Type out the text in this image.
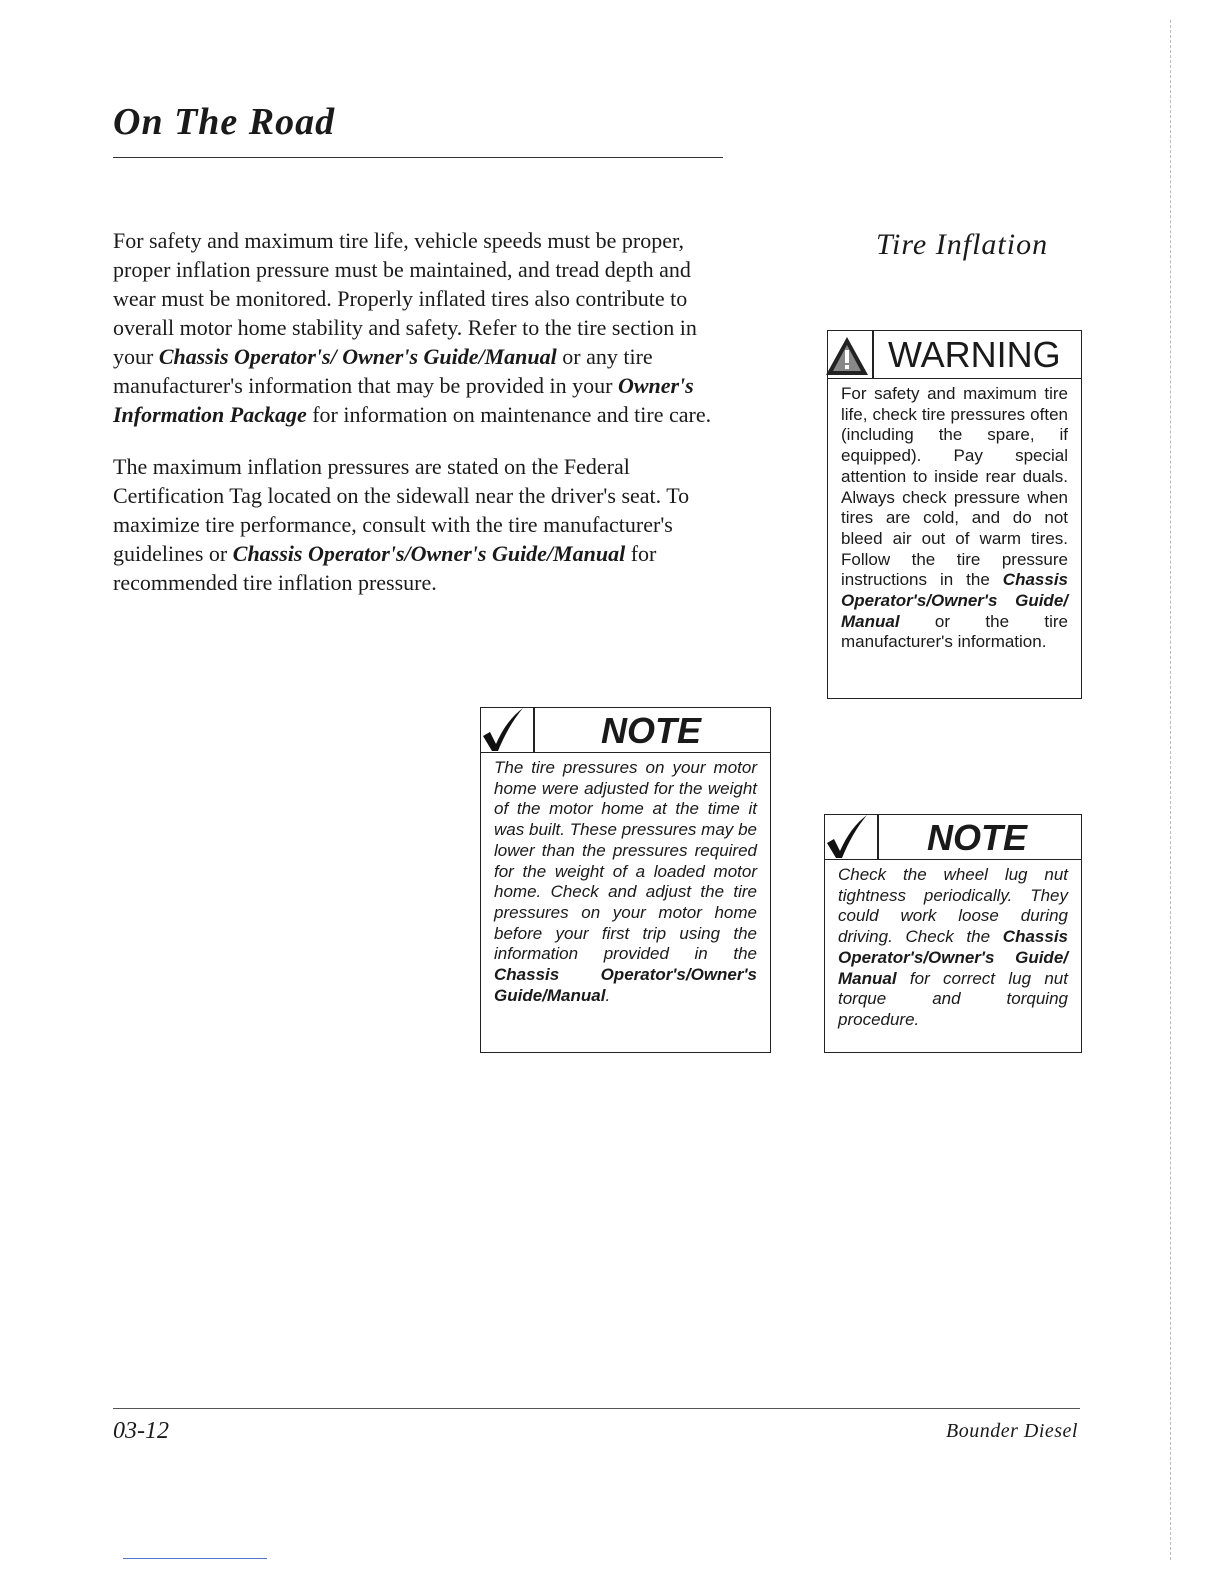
On The Road

For safety and maximum tire life, vehicle speeds must be proper, proper inflation pressure must be maintained, and tread depth and wear must be monitored. Properly inflated tires also contribute to overall motor home stability and safety. Refer to the tire section in your Chassis Operator's/ Owner's Guide/Manual or any tire manufacturer's information that may be provided in your Owner's Information Package for information on maintenance and tire care.

The maximum inflation pressures are stated on the Federal Certification Tag located on the sidewall near the driver's seat. To maximize tire performance, consult with the tire manufacturer's guidelines or Chassis Operator's/Owner's Guide/Manual for recommended tire inflation pressure.

Tire Inflation
WARNING
For safety and maximum tire life, check tire pressures often (including the spare, if equipped). Pay special attention to inside rear duals. Always check pressure when tires are cold, and do not bleed air out of warm tires. Follow the tire pressure instructions in the Chassis Operator's/Owner's Guide/ Manual or the tire manufacturer's information.
NOTE
The tire pressures on your motor home were adjusted for the weight of the motor home at the time it was built. These pressures may be lower than the pressures required for the weight of a loaded motor home. Check and adjust the tire pressures on your motor home before your first trip using the information provided in the Chassis Operator's/Owner's Guide/Manual.
NOTE
Check the wheel lug nut tightness periodically. They could work loose during driving. Check the Chassis Operator's/Owner's Guide/ Manual for correct lug nut torque and torquing procedure.
03-12	Bounder Diesel
